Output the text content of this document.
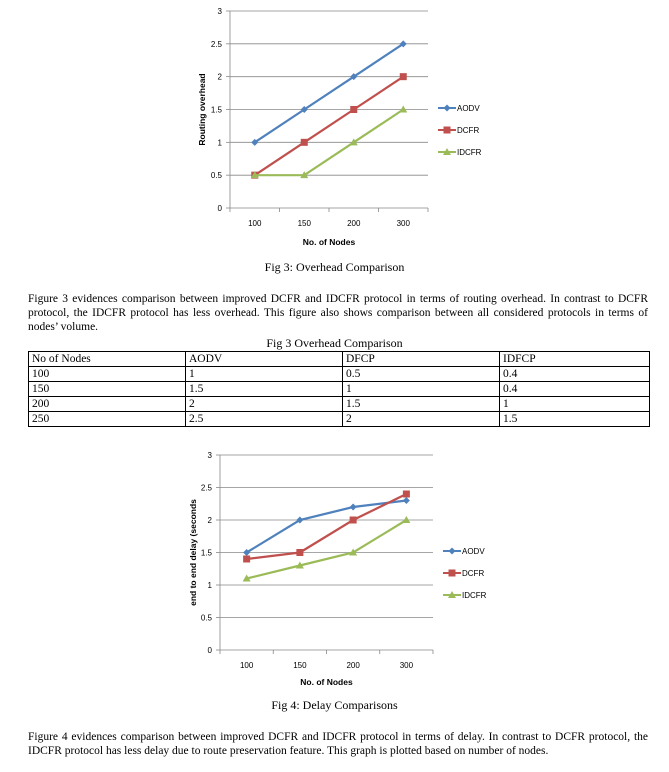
0
0.5
1
1.5
2
2.5
3
100	150	200	300
No. of Nodes
Routing overhead	AODV
DCFR
IDCFR
Fig 3: Overhead Comparison

Figure 3 evidences comparison between improved DCFR and IDCFR protocol in terms of routing overhead. In contrast to DCFR protocol, the IDCFR protocol has less overhead. This figure also shows comparison between all considered protocols in terms of nodes’ volume.

Fig 3 Overhead Comparison
No of Nodes	AODV	DFCP	IDFCP
100	1	0.5	0.4
150	1.5	1	0.4
200	2	1.5	1
250	2.5	2	1.5
0
0.5
1
1.5
2
2.5
3
100	150	200	300
No. of Nodes
end to end delay (seconds	AODV
DCFR
IDCFR
Fig 4: Delay Comparisons

Figure 4 evidences comparison between improved DCFR and IDCFR protocol in terms of delay. In contrast to DCFR protocol, the IDCFR protocol has less delay due to route preservation feature. This graph is plotted based on number of nodes.
